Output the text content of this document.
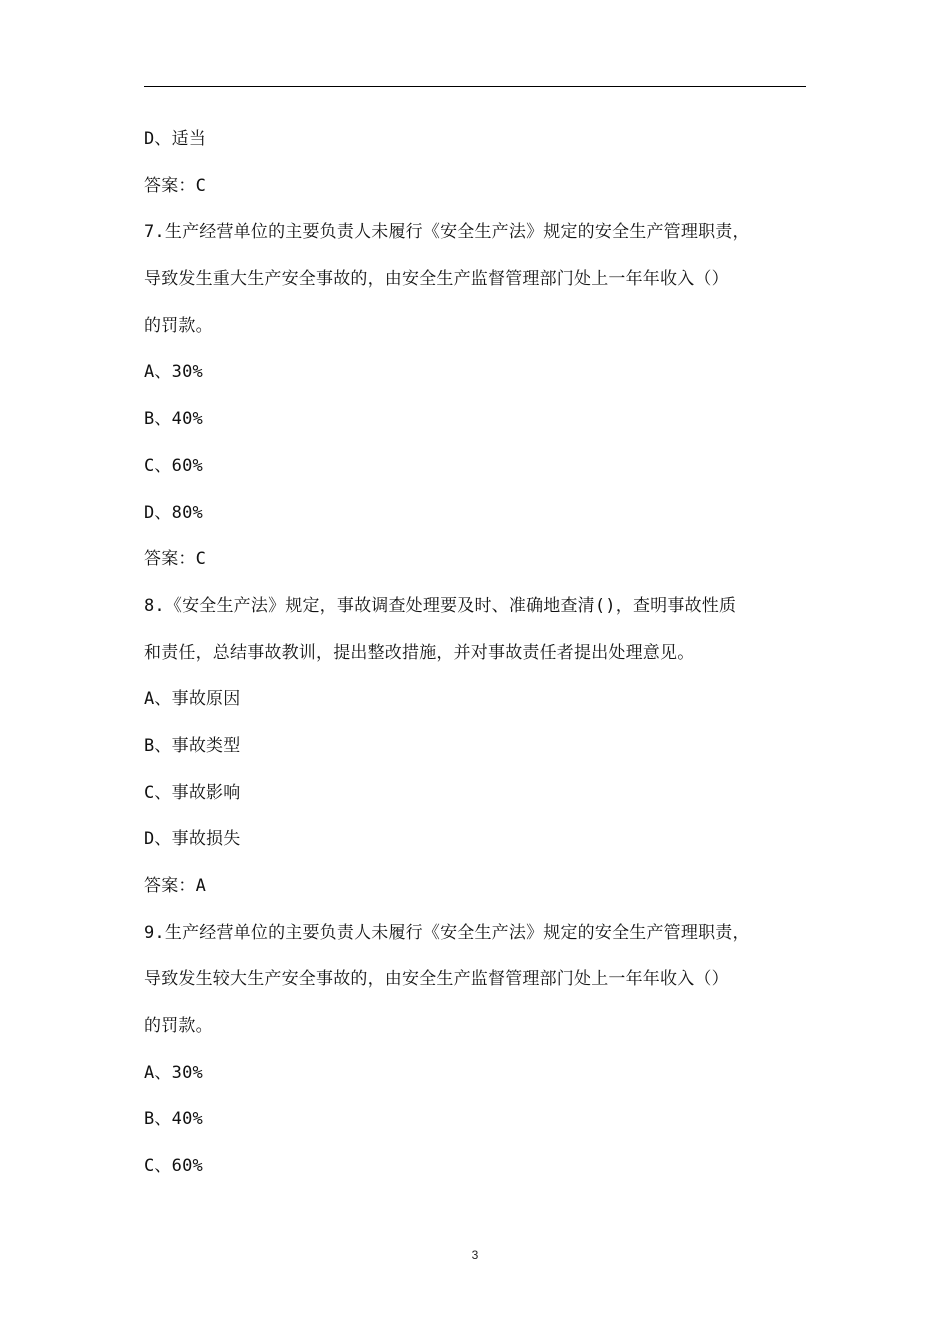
D、适当
答案：C
7.生产经营单位的主要负责人未履行《安全生产法》规定的安全生产管理职责，
导致发生重大生产安全事故的，由安全生产监督管理部门处上一年年收入（）
的罚款。
A、30%
B、40%
C、60%
D、80%
答案：C
8.《安全生产法》规定，事故调查处理要及时、准确地查清()，查明事故性质
和责任，总结事故教训，提出整改措施，并对事故责任者提出处理意见。
A、事故原因
B、事故类型
C、事故影响
D、事故损失
答案：A
9.生产经营单位的主要负责人未履行《安全生产法》规定的安全生产管理职责，
导致发生较大生产安全事故的，由安全生产监督管理部门处上一年年收入（）
的罚款。
A、30%
B、40%
C、60%
3
